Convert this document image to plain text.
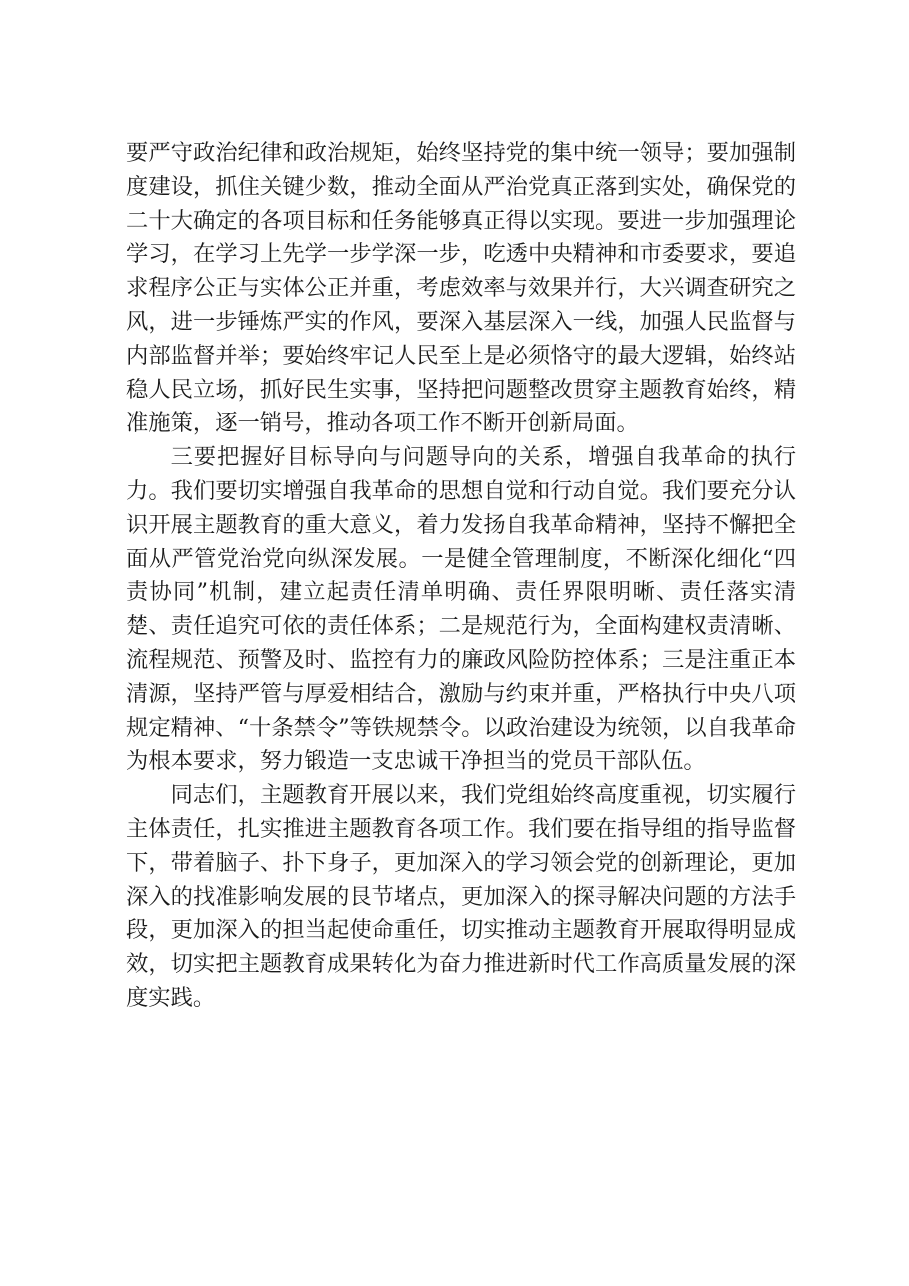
要严守政治纪律和政治规矩，始终坚持党的集中统一领导；要加强制度建设，抓住关键少数，推动全面从严治党真正落到实处，确保党的二十大确定的各项目标和任务能够真正得以实现。要进一步加强理论学习，在学习上先学一步学深一步，吃透中央精神和市委要求，要追求程序公正与实体公正并重，考虑效率与效果并行，大兴调查研究之风，进一步锤炼严实的作风，要深入基层深入一线，加强人民监督与内部监督并举；要始终牢记人民至上是必须恪守的最大逻辑，始终站稳人民立场，抓好民生实事，坚持把问题整改贯穿主题教育始终，精准施策，逐一销号，推动各项工作不断开创新局面。

三要把握好目标导向与问题导向的关系，增强自我革命的执行力。我们要切实增强自我革命的思想自觉和行动自觉。我们要充分认识开展主题教育的重大意义，着力发扬自我革命精神，坚持不懈把全面从严管党治党向纵深发展。一是健全管理制度，不断深化细化“四责协同”机制，建立起责任清单明确、责任界限明晰、责任落实清楚、责任追究可依的责任体系；二是规范行为，全面构建权责清晰、流程规范、预警及时、监控有力的廉政风险防控体系；三是注重正本清源，坚持严管与厚爱相结合，激励与约束并重，严格执行中央八项规定精神、“十条禁令”等铁规禁令。以政治建设为统领，以自我革命为根本要求，努力锻造一支忠诚干净担当的党员干部队伍。

同志们，主题教育开展以来，我们党组始终高度重视，切实履行主体责任，扎实推进主题教育各项工作。我们要在指导组的指导监督下，带着脑子、扑下身子，更加深入的学习领会党的创新理论，更加深入的找准影响发展的艮节堵点，更加深入的探寻解决问题的方法手段，更加深入的担当起使命重任，切实推动主题教育开展取得明显成效，切实把主题教育成果转化为奋力推进新时代工作高质量发展的深度实践。
